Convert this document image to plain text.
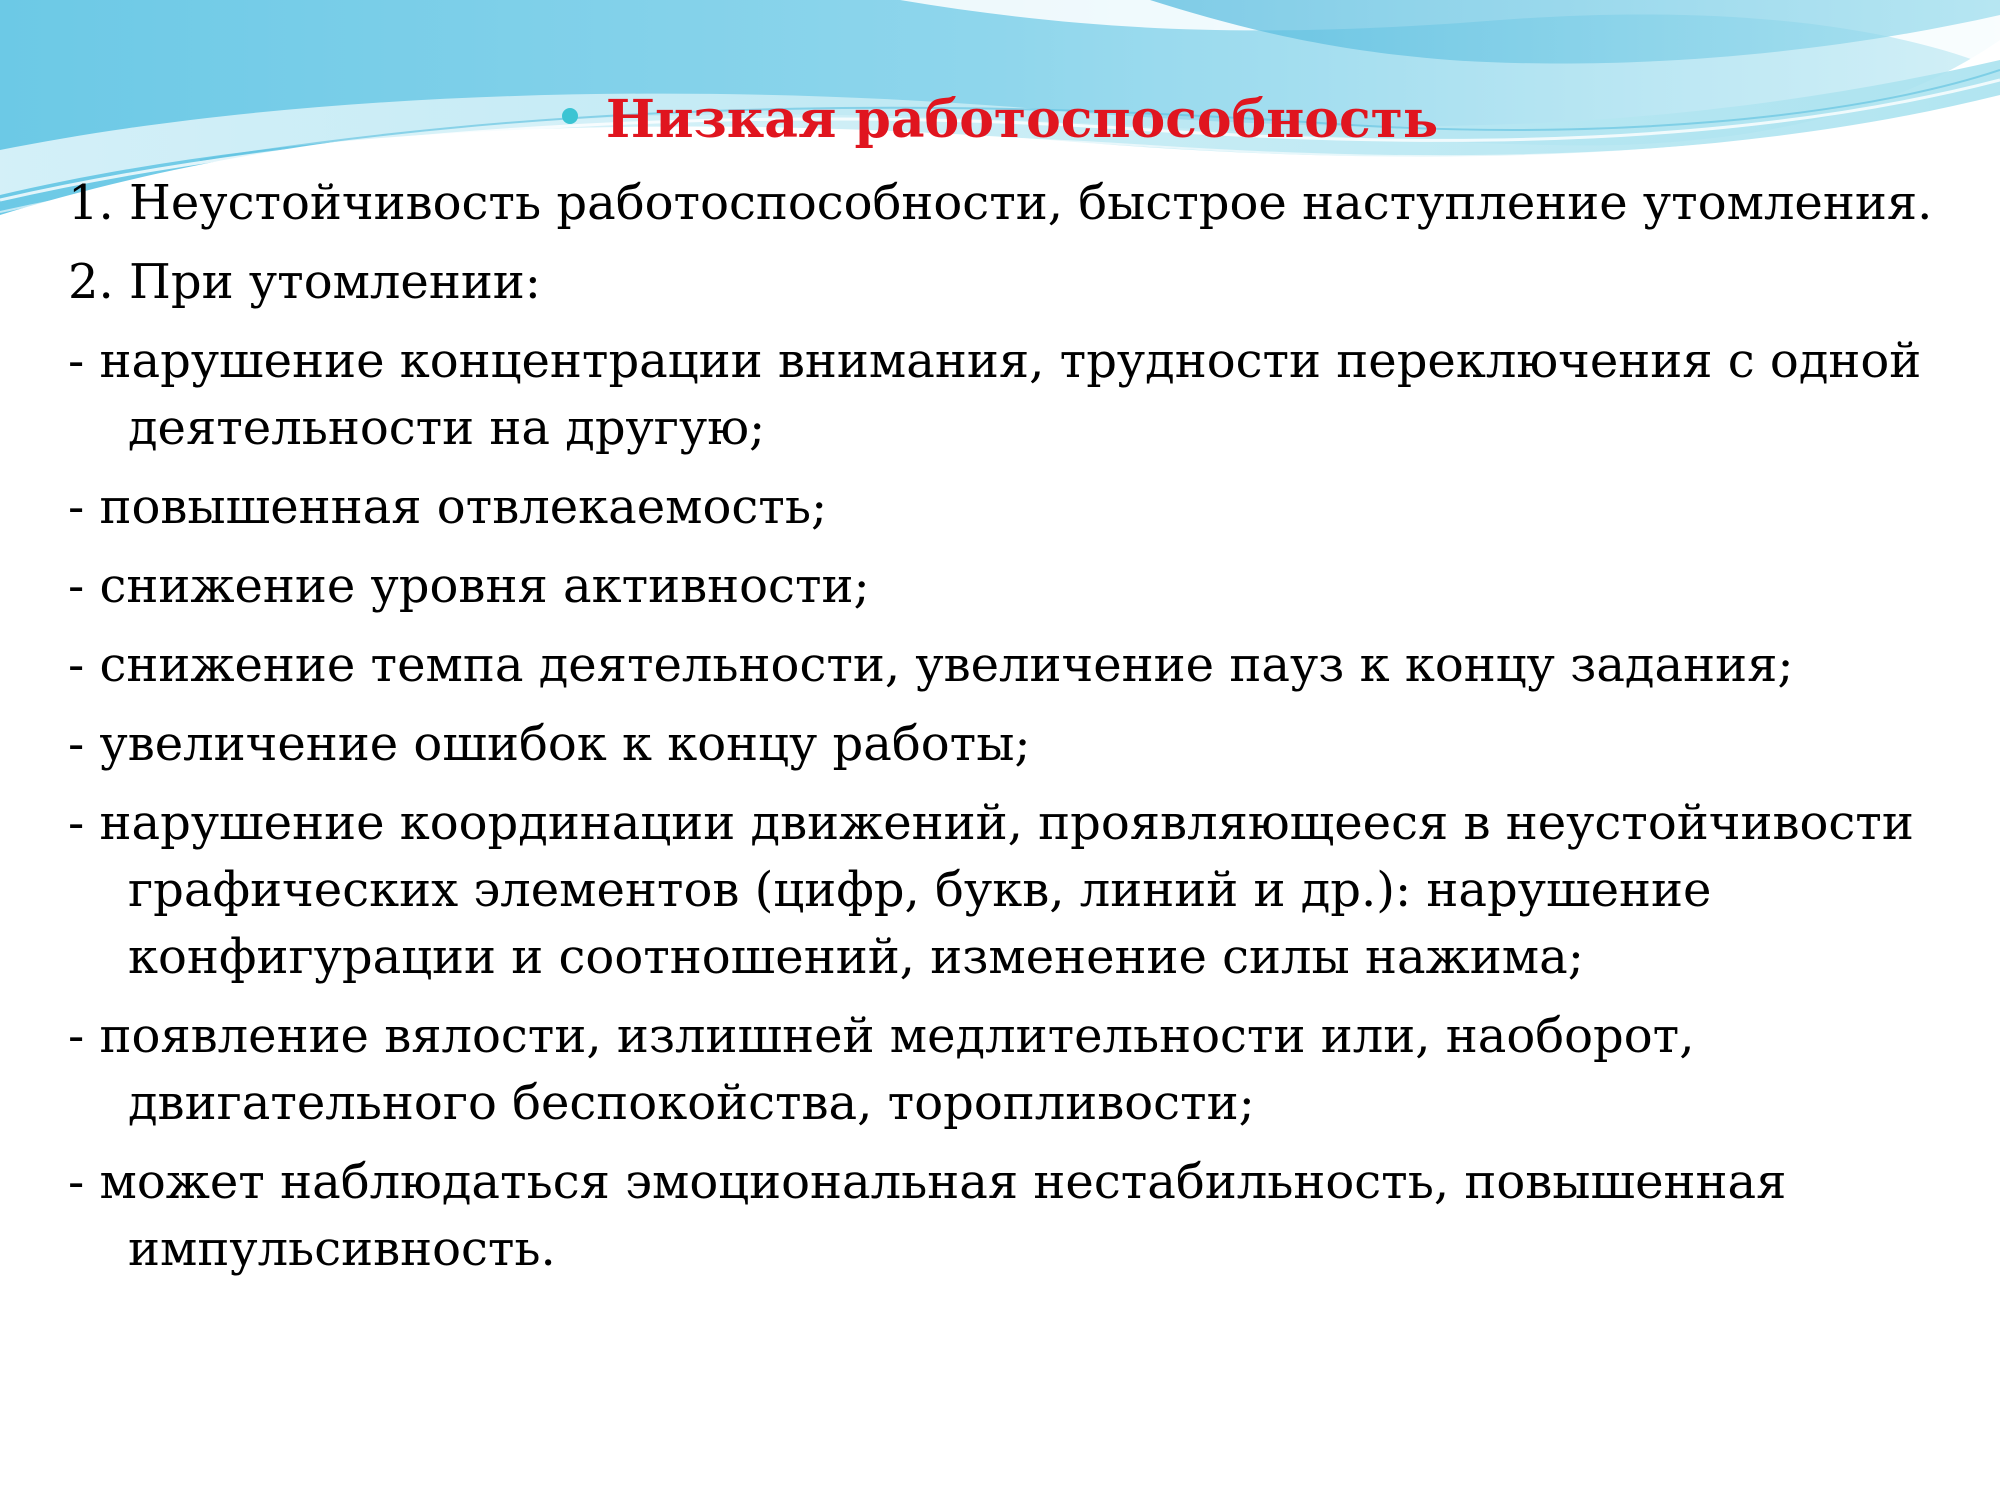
Низкая работоспособность
1. Неустойчивость работоспособности, быстрое наступление утомления.
2. При утомлении:
- нарушение концентрации внимания, трудности переключения с одной деятельности на другую;
- повышенная отвлекаемость;
- снижение уровня активности;
- снижение темпа деятельности, увеличение пауз к концу задания;
- увеличение ошибок к концу работы;
- нарушение координации движений, проявляющееся в неустойчивости графических элементов (цифр, букв, линий и др.): нарушение конфигурации и соотношений, изменение силы нажима;
- появление вялости, излишней медлительности или, наоборот, двигательного беспокойства, торопливости;
- может наблюдаться эмоциональная нестабильность, повышенная импульсивность.
